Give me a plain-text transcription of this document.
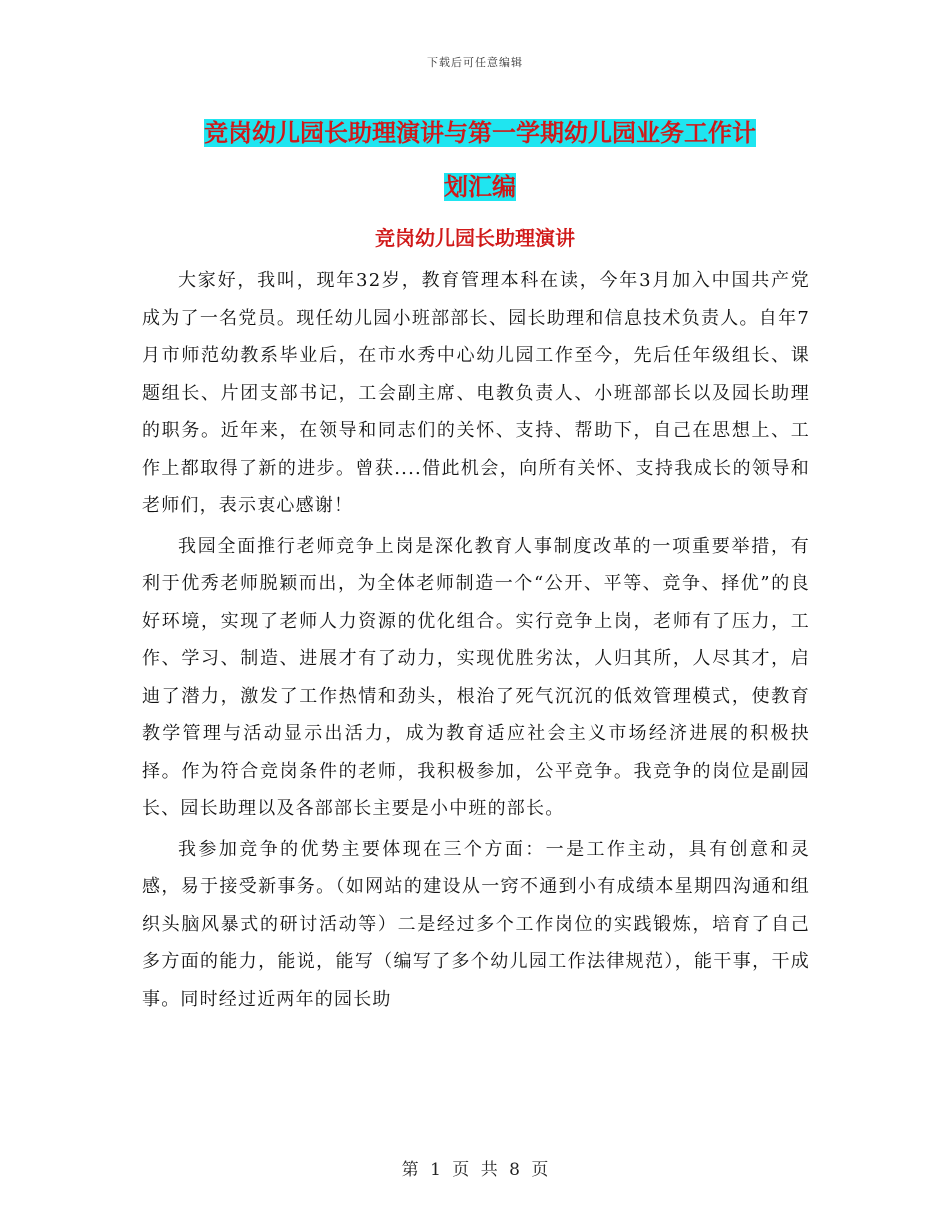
下载后可任意编辑
竞岗幼儿园长助理演讲与第一学期幼儿园业务工作计
划汇编
竞岗幼儿园长助理演讲

大家好，我叫，现年32岁，教育管理本科在读，今年3月加入中国共产党成为了一名党员。现任幼儿园小班部部长、园长助理和信息技术负责人。自年7月市师范幼教系毕业后，在市水秀中心幼儿园工作至今，先后任年级组长、课题组长、片团支部书记，工会副主席、电教负责人、小班部部长以及园长助理的职务。近年来，在领导和同志们的关怀、支持、帮助下，自己在思想上、工作上都取得了新的进步。曾获....借此机会，向所有关怀、支持我成长的领导和老师们，表示衷心感谢！

我园全面推行老师竞争上岗是深化教育人事制度改革的一项重要举措，有利于优秀老师脱颖而出，为全体老师制造一个“公开、平等、竞争、择优”的良好环境，实现了老师人力资源的优化组合。实行竞争上岗，老师有了压力，工作、学习、制造、进展才有了动力，实现优胜劣汰，人归其所，人尽其才，启迪了潜力，激发了工作热情和劲头，根治了死气沉沉的低效管理模式，使教育教学管理与活动显示出活力，成为教育适应社会主义市场经济进展的积极抉择。作为符合竞岗条件的老师，我积极参加，公平竞争。我竞争的岗位是副园长、园长助理以及各部部长主要是小中班的部长。

我参加竞争的优势主要体现在三个方面：一是工作主动，具有创意和灵感，易于接受新事务。（如网站的建设从一窍不通到小有成绩本星期四沟通和组织头脑风暴式的研讨活动等）二是经过多个工作岗位的实践锻炼，培育了自己多方面的能力，能说，能写（编写了多个幼儿园工作法律规范），能干事，干成事。同时经过近两年的园长助

第 1 页 共 8 页
